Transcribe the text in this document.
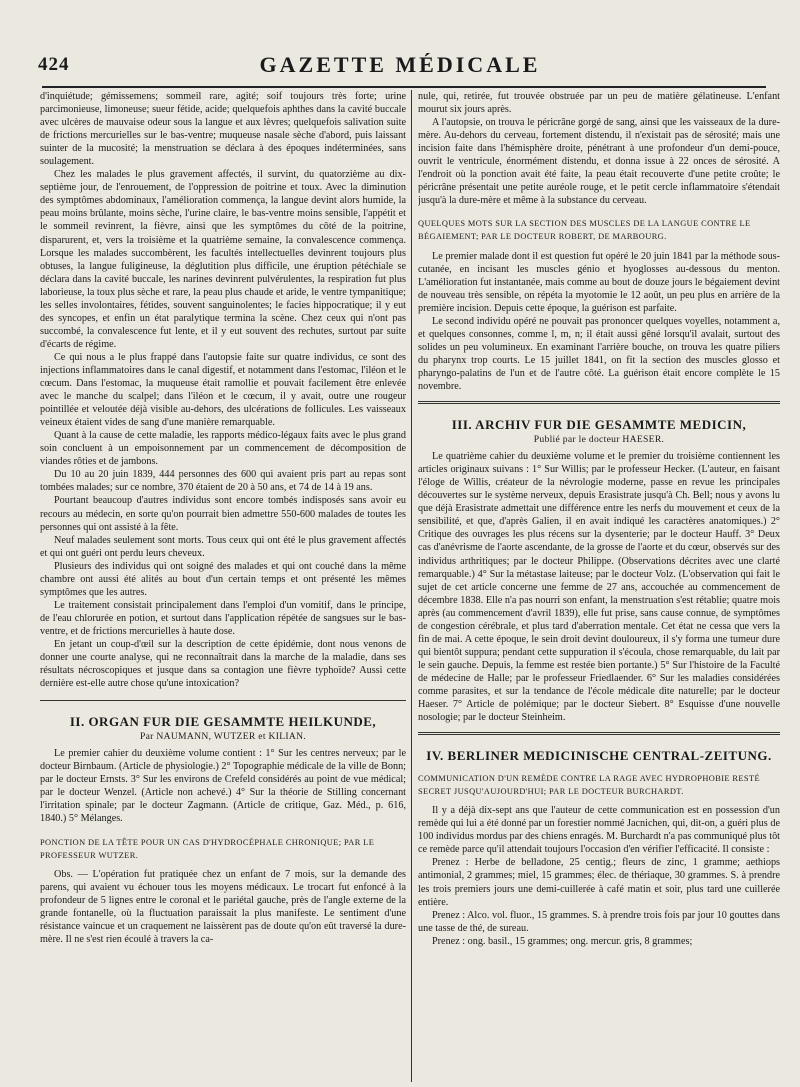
424	GAZETTE MÉDICALE

d'inquiétude; gémissemens; sommeil rare, agité; soif toujours très forte; urine parcimonieuse, limoneuse; sueur fétide, acide; quelquefois aphthes dans la cavité buccale avec ulcères de mauvaise odeur sous la langue et aux lèvres; quelquefois salivation suite de frictions mercurielles sur le bas-ventre; muqueuse nasale sèche d'abord, puis laissant suinter de la mucosité; la menstruation se déclara à des époques indéterminées, sans soulagement.

Chez les malades le plus gravement affectés, il survint, du quatorzième au dix-septième jour, de l'enrouement, de l'oppression de poitrine et toux. Avec la diminution des symptômes abdominaux, l'amélioration commença, la langue devint alors humide, la peau moins brûlante, moins sèche, l'urine claire, le bas-ventre moins sensible, l'appétit et le sommeil revinrent, la fièvre, ainsi que les symptômes du côté de la poitrine, disparurent, et, vers la troisième et la quatrième semaine, la convalescence commença. Lorsque les malades succombèrent, les facultés intellectuelles devinrent toujours plus obtuses, la langue fuligineuse, la déglutition plus difficile, une éruption pétéchiale se déclara dans la cavité buccale, les narines devinrent pulvérulentes, la respiration fut plus laborieuse, la toux plus sèche et rare, la peau plus chaude et aride, le ventre tympanitique; les selles involontaires, fétides, souvent sanguinolentes; le facies hippocratique; il y eut des syncopes, et enfin un état paralytique termina la scène. Chez ceux qui n'ont pas succombé, la convalescence fut lente, et il y eut souvent des rechutes, surtout par suite d'écarts de régime.

Ce qui nous a le plus frappé dans l'autopsie faite sur quatre individus, ce sont des injections inflammatoires dans le canal digestif, et notamment dans l'estomac, l'iléon et le cœcum. Dans l'estomac, la muqueuse était ramollie et pouvait facilement être enlevée avec le manche du scalpel; dans l'iléon et le cœcum, il y avait, outre une rougeur pointillée et veloutée déjà visible au-dehors, des ulcérations de follicules. Les vaisseaux veineux étaient vides de sang d'une manière remarquable.

Quant à la cause de cette maladie, les rapports médico-légaux faits avec le plus grand soin concluent à un empoisonnement par un commencement de décomposition de viandes rôties et de jambons.

Du 10 au 20 juin 1839, 444 personnes des 600 qui avaient pris part au repas sont tombées malades; sur ce nombre, 370 étaient de 20 à 50 ans, et 74 de 14 à 19 ans.

Pourtant beaucoup d'autres individus sont encore tombés indisposés sans avoir eu recours au médecin, en sorte qu'on pourrait bien admettre 550-600 malades de toutes les personnes qui ont assisté à la fête.

Neuf malades seulement sont morts. Tous ceux qui ont été le plus gravement affectés et qui ont guéri ont perdu leurs cheveux.

Plusieurs des individus qui ont soigné des malades et qui ont couché dans la même chambre ont aussi été alités au bout d'un certain temps et ont présenté les mêmes symptômes que les autres.

Le traitement consistait principalement dans l'emploi d'un vomitif, dans le principe, de l'eau chlorurée en potion, et surtout dans l'application répétée de sangsues sur le bas-ventre, et de frictions mercurielles à haute dose.

En jetant un coup-d'œil sur la description de cette épidémie, dont nous venons de donner une courte analyse, qui ne reconnaîtrait dans la marche de la maladie, dans ses résultats nécroscopiques et jusque dans sa contagion une fièvre typhoïde? Aussi cette dernière est-elle autre chose qu'une intoxication?

II. ORGAN FUR DIE GESAMMTE HEILKUNDE,
Par NAUMANN, WUTZER et KILIAN.

Le premier cahier du deuxième volume contient : 1° Sur les centres nerveux; par le docteur Birnbaum. (Article de physiologie.) 2° Topographie médicale de la ville de Bonn; par le docteur Ernsts. 3° Sur les environs de Crefeld considérés au point de vue médical; par le docteur Wenzel. (Article non achevé.) 4° Sur la théorie de Stilling concernant l'irritation spinale; par le docteur Zagmann. (Article de critique, Gaz. Méd., p. 616, 1840.) 5° Mélanges.

PONCTION DE LA TÊTE POUR UN CAS D'HYDROCÉPHALE CHRONIQUE; PAR LE PROFESSEUR WUTZER.

Obs. — L'opération fut pratiquée chez un enfant de 7 mois, sur la demande des parens, qui avaient vu échouer tous les moyens médicaux. Le trocart fut enfoncé à la profondeur de 5 lignes entre le coronal et le pariétal gauche, près de l'angle externe de la grande fontanelle, où la fluctuation paraissait la plus manifeste. Le sentiment d'une résistance vaincue et un craquement ne laissèrent pas de doute qu'on eût traversé la dure-mère. Il ne s'est rien écoulé à travers la ca-

nule, qui, retirée, fut trouvée obstruée par un peu de matière gélatineuse. L'enfant mourut six jours après.

A l'autopsie, on trouva le péricrâne gorgé de sang, ainsi que les vaisseaux de la dure-mère. Au-dehors du cerveau, fortement distendu, il n'existait pas de sérosité; mais une incision faite dans l'hémisphère droite, pénétrant à une profondeur d'un demi-pouce, ouvrit le ventricule, énormément distendu, et donna issue à 22 onces de sérosité. A l'endroit où la ponction avait été faite, la peau était recouverte d'une petite croûte; le péricrâne présentait une petite auréole rouge, et le petit cercle inflammatoire s'étendait jusqu'à la dure-mère et même à la substance du cerveau.

QUELQUES MOTS SUR LA SECTION DES MUSCLES DE LA LANGUE CONTRE LE BÉGAIEMENT; PAR LE DOCTEUR ROBERT, DE MARBOURG.

Le premier malade dont il est question fut opéré le 20 juin 1841 par la méthode sous-cutanée, en incisant les muscles génio et hyoglosses au-dessous du menton. L'amélioration fut instantanée, mais comme au bout de douze jours le bégaiement devint de nouveau très sensible, on répéta la myotomie le 12 août, un peu plus en arrière de la première incision. Depuis cette époque, la guérison est parfaite.

Le second individu opéré ne pouvait pas prononcer quelques voyelles, notamment a, et quelques consonnes, comme l, m, n; il était aussi gêné lorsqu'il avalait, surtout des solides un peu volumineux. En examinant l'arrière bouche, on trouva les quatre piliers du pharynx trop courts. Le 15 juillet 1841, on fit la section des muscles glosso et pharyngo-palatins de l'un et de l'autre côté. La guérison était encore complète le 15 novembre.

III. ARCHIV FUR DIE GESAMMTE MEDICIN,
Publié par le docteur HAESER.

Le quatrième cahier du deuxième volume et le premier du troisième contiennent les articles originaux suivans : 1° Sur Willis; par le professeur Hecker. (L'auteur, en faisant l'éloge de Willis, créateur de la névrologie moderne, passe en revue les principales découvertes sur le système nerveux, depuis Erasistrate jusqu'à Ch. Bell; nous y avons lu que déjà Erasistrate admettait une différence entre les nerfs du mouvement et ceux de la sensibilité, et que, d'après Galien, il en avait indiqué les caractères anatomiques.) 2° Critique des ouvrages les plus récens sur la dysenterie; par le docteur Hauff. 3° Deux cas d'anévrisme de l'aorte ascendante, de la grosse de l'aorte et du cœur, observés sur des individus arthritiques; par le docteur Philippe. (Observations décrites avec une clarté remarquable.) 4° Sur la métastase laiteuse; par le docteur Volz. (L'observation qui fait le sujet de cet article concerne une femme de 27 ans, accouchée au commencement de décembre 1838. Elle n'a pas nourri son enfant, la menstruation s'est rétablie; quatre mois après (au commencement d'avril 1839), elle fut prise, sans cause connue, de symptômes de congestion cérébrale, et plus tard d'aberration mentale. Cet état ne cessa que vers la fin de mai. A cette époque, le sein droit devint douloureux, il s'y forma une tumeur dure qui bientôt suppura; pendant cette suppuration il s'écoula, chose remarquable, du lait par le sein gauche. Depuis, la femme est restée bien portante.) 5° Sur l'histoire de la Faculté de médecine de Halle; par le professeur Friedlaender. 6° Sur les maladies considérées comme parasites, et sur la tendance de l'école médicale dite naturelle; par le docteur Haeser. 7° Article de polémique; par le docteur Siebert. 8° Esquisse d'une nouvelle nosologie; par le docteur Steinheim.

IV. BERLINER MEDICINISCHE CENTRAL-ZEITUNG.

COMMUNICATION D'UN REMÈDE CONTRE LA RAGE AVEC HYDROPHOBIE RESTÉ SECRET JUSQU'AUJOURD'HUI; PAR LE DOCTEUR BURCHARDT.

Il y a déjà dix-sept ans que l'auteur de cette communication est en possession d'un remède qui lui a été donné par un forestier nommé Jacnichen, qui, dit-on, a guéri plus de 100 individus mordus par des chiens enragés. M. Burchardt n'a pas communiqué plus tôt ce remède parce qu'il attendait toujours l'occasion d'en vérifier l'efficacité. Il consiste :

Prenez : Herbe de belladone, 25 centig.; fleurs de zinc, 1 gramme; aethiops antimonial, 2 grammes; miel, 15 grammes; élec. de thériaque, 30 grammes. S. à prendre les trois premiers jours une demi-cuillerée à café matin et soir, plus tard une cuillerée entière.

Prenez : Alco. vol. fluor., 15 grammes. S. à prendre trois fois par jour 10 gouttes dans une tasse de thé, de sureau.

Prenez : ong. basil., 15 grammes; ong. mercur. gris, 8 grammes;
